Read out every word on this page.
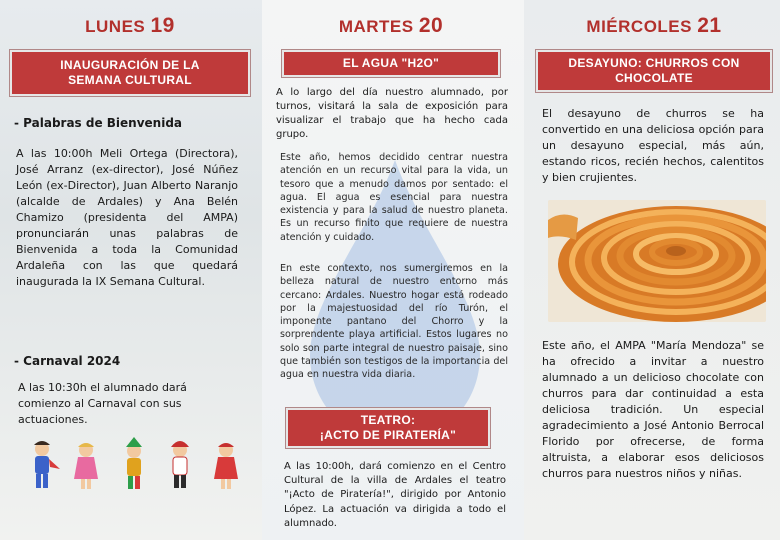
LUNES 19
INAUGURACIÓN DE LA SEMANA CULTURAL
- Palabras de Bienvenida
A las 10:00h Meli Ortega (Directora), José Arranz (ex-director), José Núñez León (ex-Director), Juan Alberto Naranjo (alcalde de Ardales) y Ana Belén Chamizo (presidenta del AMPA) pronunciarán unas palabras de Bienvenida a toda la Comunidad Ardaleña con las que quedará inaugurada la IX Semana Cultural.
- Carnaval 2024
A las 10:30h el alumnado dará comienzo al Carnaval con sus actuaciones.
MARTES 20
EL AGUA "H2O"
A lo largo del día nuestro alumnado, por turnos, visitará la sala de exposición para visualizar el trabajo que ha hecho cada grupo.
Este año, hemos decidido centrar nuestra atención en un recurso vital para la vida, un tesoro que a menudo damos por sentado: el agua. El agua es esencial para nuestra existencia y para la salud de nuestro planeta. Es un recurso finito que requiere de nuestra atención y cuidado.
En este contexto, nos sumergiremos en la belleza natural de nuestro entorno más cercano: Ardales. Nuestro hogar está rodeado por la majestuosidad del río Turón, el imponente pantano del Chorro y la sorprendente playa artificial. Estos lugares no solo son parte integral de nuestro paisaje, sino que también son testigos de la importancia del agua en nuestra vida diaria.
TEATRO:
¡ACTO DE PIRATERÍA"
A las 10:00h, dará comienzo en el Centro Cultural de la villa de Ardales el teatro "¡Acto de Piratería!", dirigido por Antonio López. La actuación va dirigida a todo el alumnado.
MIÉRCOLES 21
DESAYUNO: CHURROS CON CHOCOLATE
El desayuno de churros se ha convertido en una deliciosa opción para un desayuno especial, más aún, estando ricos, recién hechos, calentitos y bien crujientes.
Este año, el AMPA "María Mendoza" se ha ofrecido a invitar a nuestro alumnado a un delicioso chocolate con churros para dar continuidad a esta deliciosa tradición. Un especial agradecimiento a José Antonio Berrocal Florido por ofrecerse, de forma altruista, a elaborar esos deliciosos churros para nuestros niños y niñas.
